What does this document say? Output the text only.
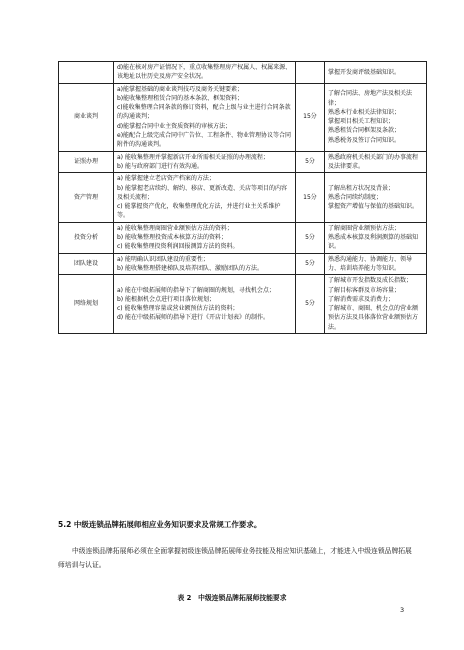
	d)能在核对房产证情况下，重点收集整理房产权属人、权属来源、该地址以往历史及房产安全状况。		掌握开发商评级基础知识。

商业谈判	a)能掌握基础的商业谈判技巧及商务关键要素；
b)能收集整理租赁合同的基本条款、框架资料；
c)能收集整理合同条款的修订资料，配合上级与业主进行合同条款的沟通谈判；
d)能掌握合同中业主资质资料的审核方法；
e)能配合上级完成合同中广告位、工程条件、物业管理协议等合同附件的沟通谈判。	15分	了解合同法、房地产法及相关法律；
熟悉本行业相关法律知识；
掌握项目相关工程知识；
熟悉租赁合同框架及条款；
熟悉税务及签订合同知识。

证照办理	a) 能收集整理并掌握新店开业所需相关证照的办理流程；
b) 能与政府部门进行有效沟通。	5分	熟悉政府机关相关部门的办事流程及法律要求。

资产管理	a) 能掌握建立老店资产档案的方法；
b) 能掌握老店续约、解约、移店、更新改造、关店等项目的内容及相关流程；
c) 能掌握资产优化，收集整理优化方法，并进行业主关系维护等。	15分	了解出租方状况及背景；
熟悉合同续约制度；
掌握资产增值与保值的基础知识。

投资分析	a) 能收集整理商圈营业额预估方法的资料；
b) 能收集整理投资成本核算方法的资料；
c) 能收集整理投资利润回报测算方法的资料。	5分	了解商圈营业额预估方法；
熟悉成本核算及利润测算的基础知识。

团队建设	a) 能明确认识团队建设的重要性；
b) 能收集整理搭建梯队及培养团队、激励团队的方法。	5分	熟悉沟通能力、协调能力、领导力、培训培养能力等知识。

网络规划	a) 能在中级拓展师的指导下了解商圈的规划，寻找机会点；
b) 能根据机会点进行项目落位规划；
c) 能收集整理容量或营业额预估方法的资料；
d) 能在中级拓展师的指导下进行《开店计划表》的制作。	5分	了解城市开发指数及成长指数；
了解目标客群及市场容量；
了解消费需求及消费力；
了解城市、商圈、机会点的营业额预估方法及具体落位营业额预估方法。
5.2 中级连锁品牌拓展师相应业务知识要求及常规工作要求。
中级连锁品牌拓展师必须在全面掌握初级连锁品牌拓展师业务技能及相应知识基础上，才能进入中级连锁品牌拓展师培训与认证。
表 2　中级连锁品牌拓展师技能要求
3
